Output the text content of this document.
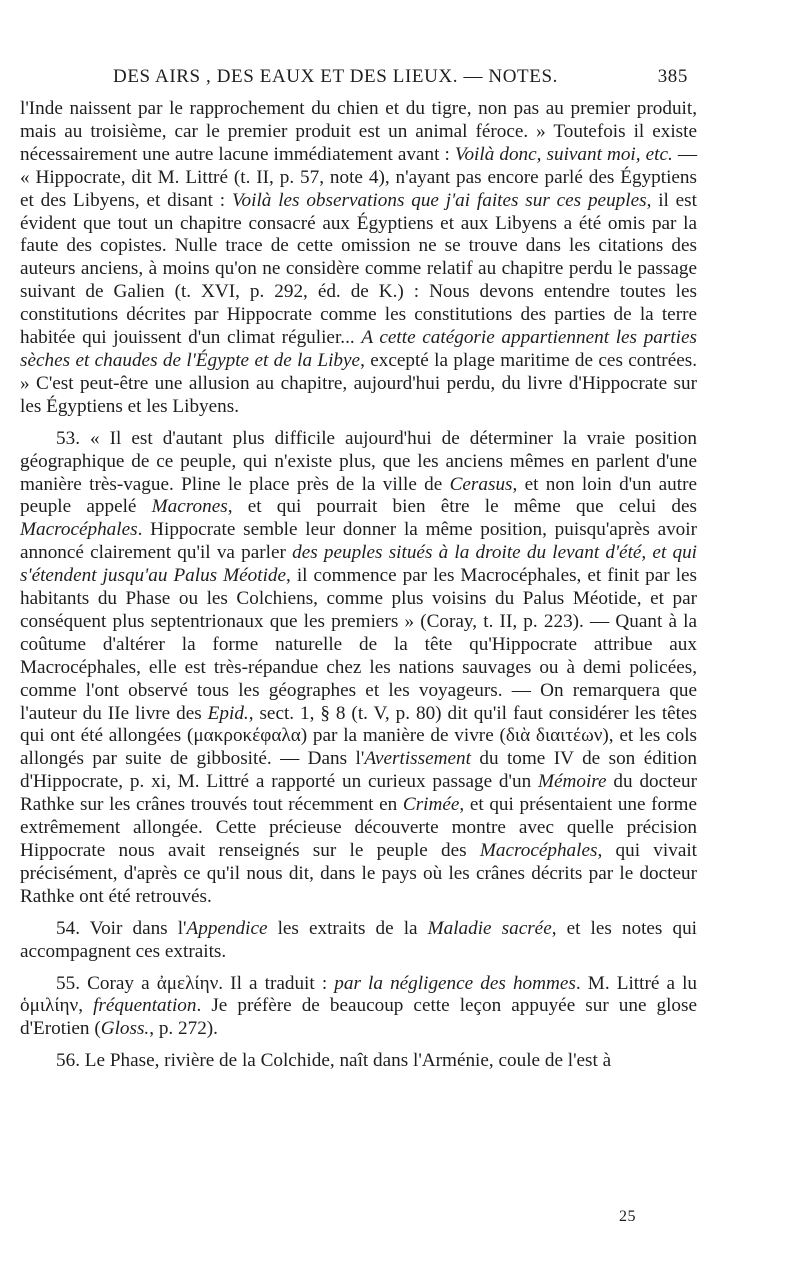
DES AIRS , DES EAUX ET DES LIEUX. — NOTES.	385

l'Inde naissent par le rapprochement du chien et du tigre, non pas au premier produit, mais au troisième, car le premier produit est un animal féroce. » Toutefois il existe nécessairement une autre lacune immédiatement avant : Voilà donc, suivant moi, etc. — « Hippocrate, dit M. Littré (t. II, p. 57, note 4), n'ayant pas encore parlé des Égyptiens et des Libyens, et disant : Voilà les observations que j'ai faites sur ces peuples, il est évident que tout un chapitre consacré aux Égyptiens et aux Libyens a été omis par la faute des copistes. Nulle trace de cette omission ne se trouve dans les citations des auteurs anciens, à moins qu'on ne considère comme relatif au chapitre perdu le passage suivant de Galien (t. XVI, p. 292, éd. de K.) : Nous devons entendre toutes les constitutions décrites par Hippocrate comme les constitutions des parties de la terre habitée qui jouissent d'un climat régulier... A cette catégorie appartiennent les parties sèches et chaudes de l'Égypte et de la Libye, excepté la plage maritime de ces contrées. » C'est peut-être une allusion au chapitre, aujourd'hui perdu, du livre d'Hippocrate sur les Égyptiens et les Libyens.

53. « Il est d'autant plus difficile aujourd'hui de déterminer la vraie position géographique de ce peuple, qui n'existe plus, que les anciens mêmes en parlent d'une manière très-vague. Pline le place près de la ville de Cerasus, et non loin d'un autre peuple appelé Macrones, et qui pourrait bien être le même que celui des Macrocéphales. Hippocrate semble leur donner la même position, puisqu'après avoir annoncé clairement qu'il va parler des peuples situés à la droite du levant d'été, et qui s'étendent jusqu'au Palus Méotide, il commence par les Macrocéphales, et finit par les habitants du Phase ou les Colchiens, comme plus voisins du Palus Méotide, et par conséquent plus septentrionaux que les premiers » (Coray, t. II, p. 223). — Quant à la coûtume d'altérer la forme naturelle de la tête qu'Hippocrate attribue aux Macrocéphales, elle est très-répandue chez les nations sauvages ou à demi policées, comme l'ont observé tous les géographes et les voyageurs. — On remarquera que l'auteur du IIe livre des Epid., sect. 1, § 8 (t. V, p. 80) dit qu'il faut considérer les têtes qui ont été allongées (μακροκέφαλα) par la manière de vivre (διὰ διαιτέων), et les cols allongés par suite de gibbosité. — Dans l'Avertissement du tome IV de son édition d'Hippocrate, p. xi, M. Littré a rapporté un curieux passage d'un Mémoire du docteur Rathke sur les crânes trouvés tout récemment en Crimée, et qui présentaient une forme extrêmement allongée. Cette précieuse découverte montre avec quelle précision Hippocrate nous avait renseignés sur le peuple des Macrocéphales, qui vivait précisément, d'après ce qu'il nous dit, dans le pays où les crânes décrits par le docteur Rathke ont été retrouvés.

54. Voir dans l'Appendice les extraits de la Maladie sacrée, et les notes qui accompagnent ces extraits.

55. Coray a ἀμελίην. Il a traduit : par la négligence des hommes. M. Littré a lu ὁμιλίην, fréquentation. Je préfère de beaucoup cette leçon appuyée sur une glose d'Erotien (Gloss., p. 272).

56. Le Phase, rivière de la Colchide, naît dans l'Arménie, coule de l'est à

25
